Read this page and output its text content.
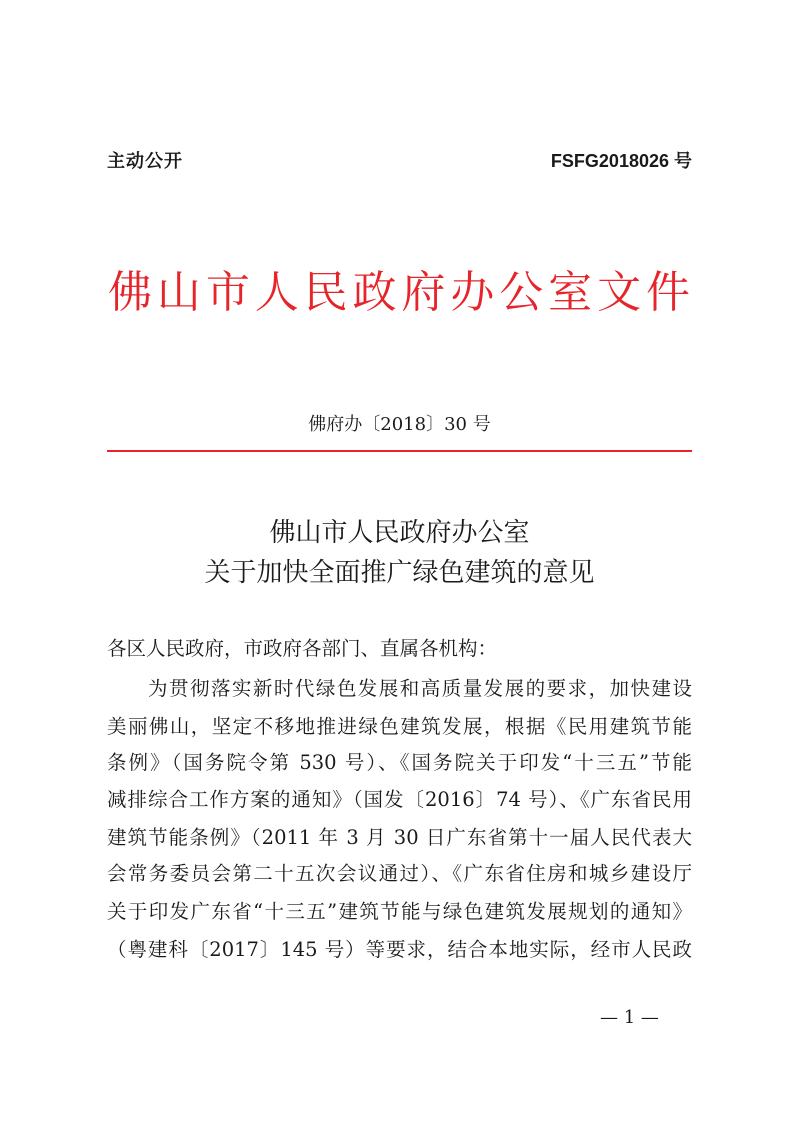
主动公开	FSFG2018026 号
佛山市人民政府办公室文件
佛府办〔2018〕30 号
佛山市人民政府办公室
关于加快全面推广绿色建筑的意见
各区人民政府，市政府各部门、直属各机构：
为贯彻落实新时代绿色发展和高质量发展的要求，加快建设
美丽佛山，坚定不移地推进绿色建筑发展，根据《民用建筑节能
条例》（国务院令第 530 号）、《国务院关于印发“十三五”节能
减排综合工作方案的通知》（国发〔2016〕74 号）、《广东省民用
建筑节能条例》（2011 年 3 月 30 日广东省第十一届人民代表大
会常务委员会第二十五次会议通过）、《广东省住房和城乡建设厅
关于印发广东省“十三五”建筑节能与绿色建筑发展规划的通知》
（粤建科〔2017〕145 号）等要求，结合本地实际，经市人民政
— 1 —
